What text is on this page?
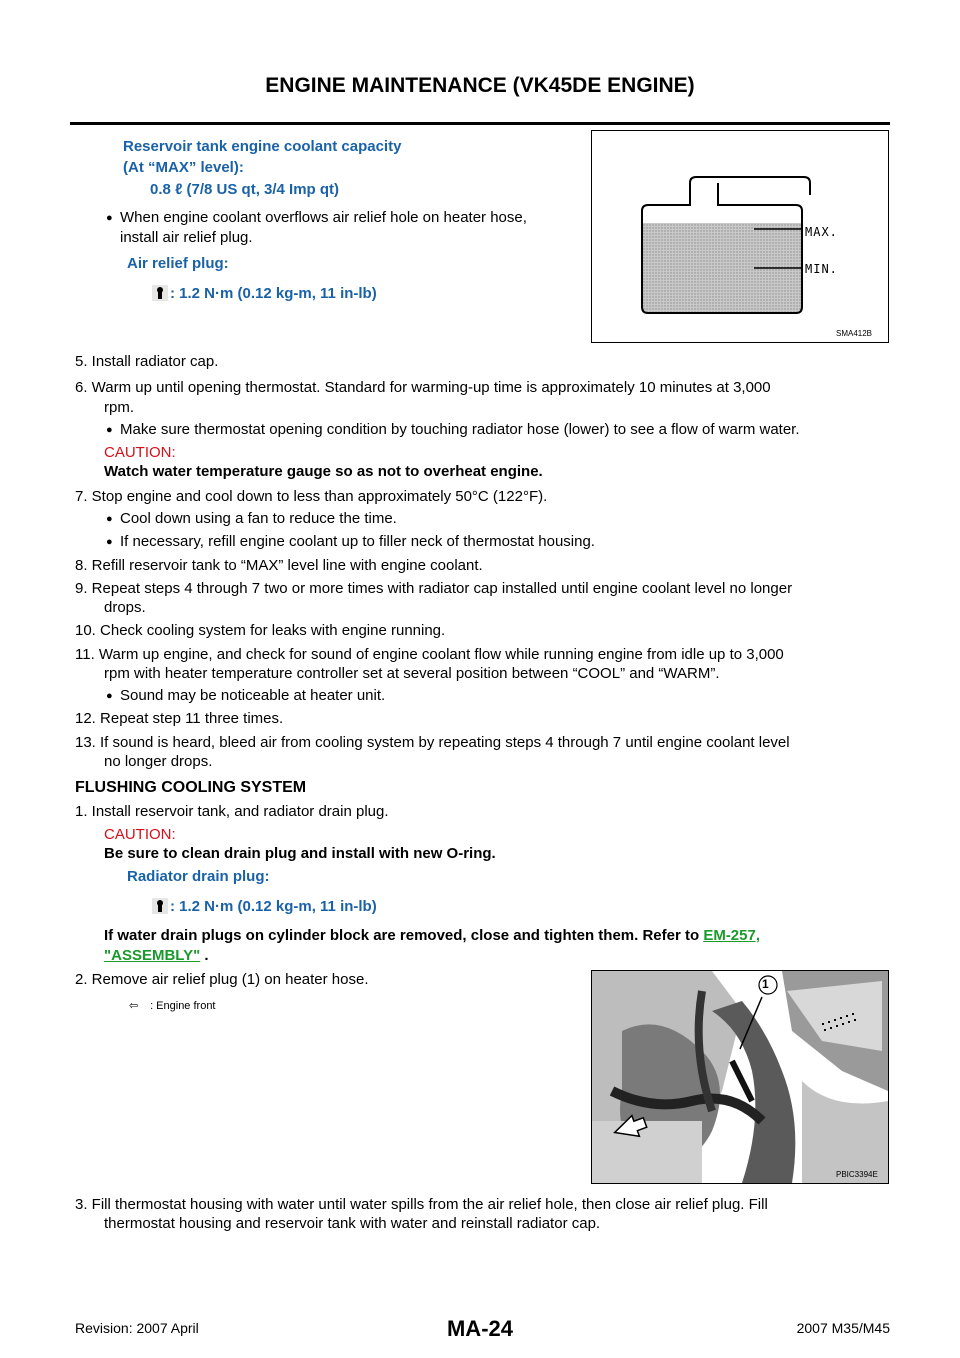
ENGINE MAINTENANCE (VK45DE ENGINE)
Reservoir tank engine coolant capacity
(At “MAX” level):
0.8 ℓ (7/8 US qt, 3/4 Imp qt)
● When engine coolant overflows air relief hole on heater hose,
install air relief plug.
Air relief plug:
: 1.2 N·m (0.12 kg-m, 11 in-lb)
MAX.
MIN.
SMA412B
5. Install radiator cap.
6. Warm up until opening thermostat. Standard for warming-up time is approximately 10 minutes at 3,000
rpm.
● Make sure thermostat opening condition by touching radiator hose (lower) to see a flow of warm water.
CAUTION:
Watch water temperature gauge so as not to overheat engine.
7. Stop engine and cool down to less than approximately 50°C (122°F).
● Cool down using a fan to reduce the time.
● If necessary, refill engine coolant up to filler neck of thermostat housing.
8. Refill reservoir tank to “MAX” level line with engine coolant.
9. Repeat steps 4 through 7 two or more times with radiator cap installed until engine coolant level no longer
drops.
10. Check cooling system for leaks with engine running.
11. Warm up engine, and check for sound of engine coolant flow while running engine from idle up to 3,000
rpm with heater temperature controller set at several position between “COOL” and “WARM”.
● Sound may be noticeable at heater unit.
12. Repeat step 11 three times.
13. If sound is heard, bleed air from cooling system by repeating steps 4 through 7 until engine coolant level
no longer drops.
FLUSHING COOLING SYSTEM
1. Install reservoir tank, and radiator drain plug.
CAUTION:
Be sure to clean drain plug and install with new O-ring.
Radiator drain plug:
: 1.2 N·m (0.12 kg-m, 11 in-lb)
If water drain plugs on cylinder block are removed, close and tighten them. Refer to EM-257,
"ASSEMBLY" .
2. Remove air relief plug (1) on heater hose.
⇦ : Engine front
1
PBIC3394E
3. Fill thermostat housing with water until water spills from the air relief hole, then close air relief plug. Fill
thermostat housing and reservoir tank with water and reinstall radiator cap.
MA-24
Revision: 2007 April	2007 M35/M45
